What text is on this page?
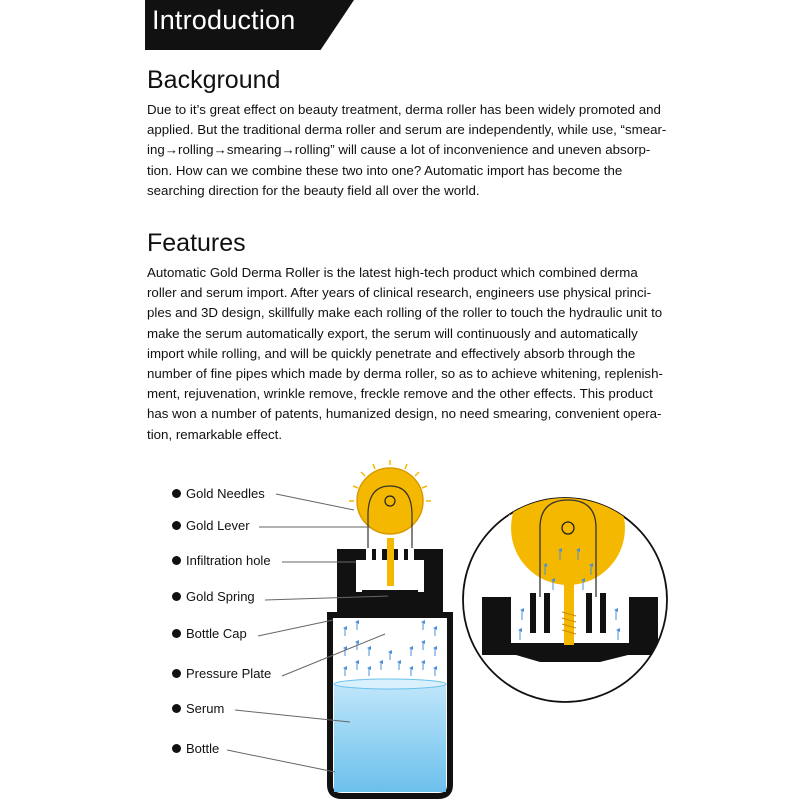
Introduction
Background
Due to it’s great effect on beauty treatment, derma roller has been widely promoted and
applied. But the traditional derma roller and serum are independently, while use, “smear-
ing→rolling→smearing→rolling” will cause a lot of inconvenience and uneven absorp-
tion. How can we combine these two into one? Automatic import has become the
searching direction for the beauty field all over the world.
Features
Automatic Gold Derma Roller is the latest high-tech product which combined derma
roller and serum import. After years of clinical research, engineers use physical princi-
ples and 3D design, skillfully make each rolling of the roller to touch the hydraulic unit to
make the serum automatically export, the serum will continuously and automatically
import while rolling, and will be quickly penetrate and effectively absorb through the
number of fine pipes which made by derma roller, so as to achieve whitening, replenish-
ment, rejuvenation, wrinkle remove, freckle remove and the other effects. This product
has won a number of patents, humanized design, no need smearing, convenient opera-
tion, remarkable effect.
Gold Needles
Gold Lever
Infiltration hole
Gold Spring
Bottle Cap
Pressure Plate
Serum
Bottle
